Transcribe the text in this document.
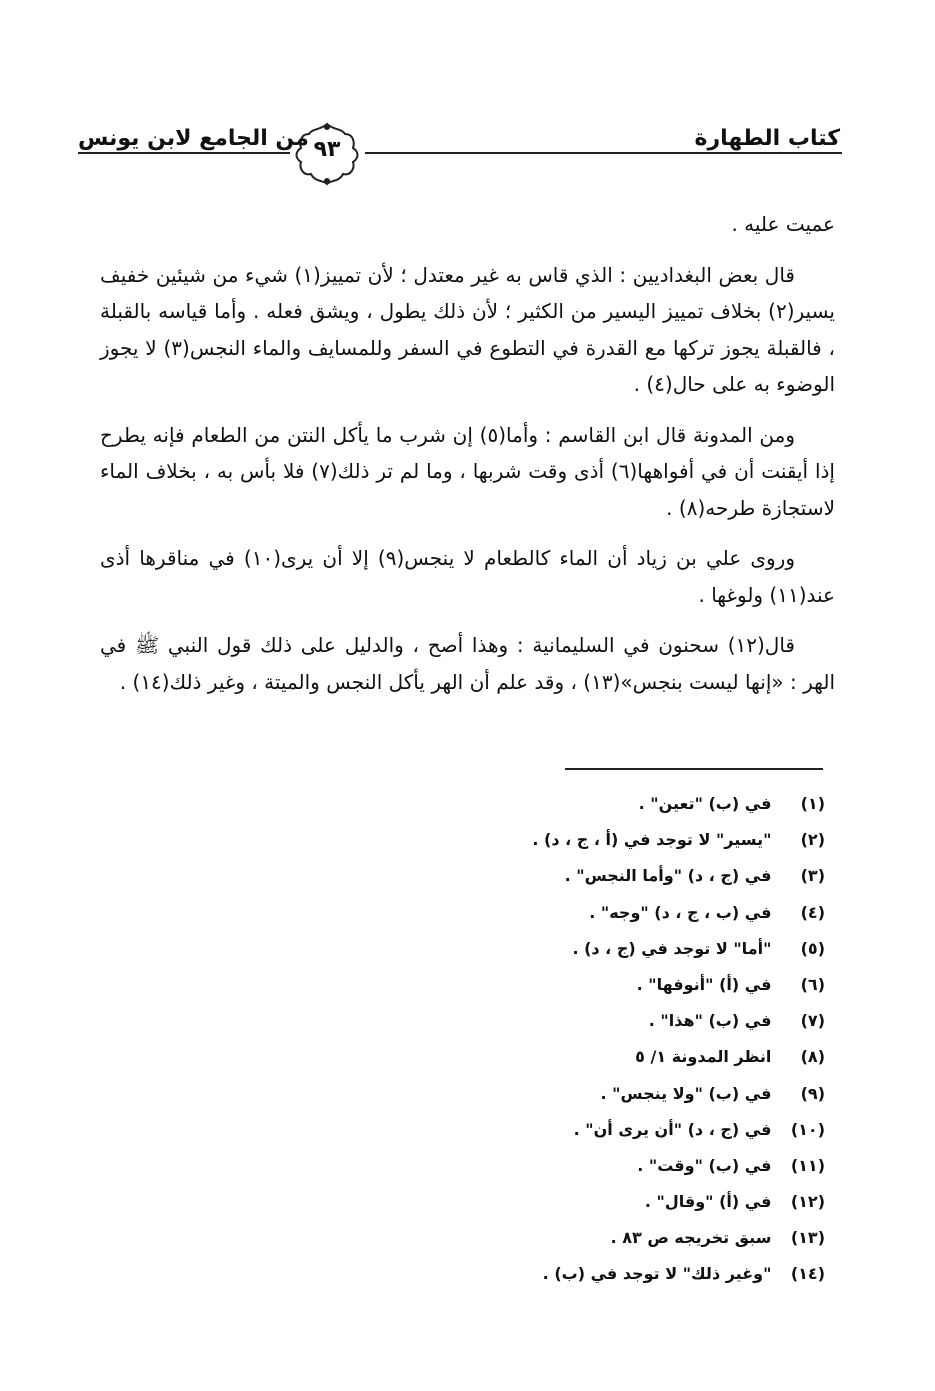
كتاب الطهارة
٩٣
من الجامع لابن يونس

عميت عليه .

قال بعض البغداديين : الذي قاس به غير معتدل ؛ لأن تمييز(١) شيء من شيئين خفيف يسير(٢) بخلاف تمييز اليسير من الكثير ؛ لأن ذلك يطول ، ويشق فعله . وأما قياسه بالقبلة ، فالقبلة يجوز تركها مع القدرة في التطوع في السفر وللمسايف والماء النجس(٣) لا يجوز الوضوء به على حال(٤) .

ومن المدونة قال ابن القاسم : وأما(٥) إن شرب ما يأكل النتن من الطعام فإنه يطرح إذا أيقنت أن في أفواهها(٦) أذى وقت شربها ، وما لم تر ذلك(٧) فلا بأس به ، بخلاف الماء لاستجازة طرحه(٨) .

وروى علي بن زياد أن الماء كالطعام لا ينجس(٩) إلا أن يرى(١٠) في مناقرها أذى عند(١١) ولوغها .

قال(١٢) سحنون في السليمانية : وهذا أصح ، والدليل على ذلك قول النبي ﷺ في الهر : «إنها ليست بنجس»(١٣) ، وقد علم أن الهر يأكل النجس والميتة ، وغير ذلك(١٤) .

(١) في (ب) "تعين" .
(٢) "يسير" لا توجد في (أ ، ج ، د) .
(٣) في (ج ، د) "وأما النجس" .
(٤) في (ب ، ج ، د) "وجه" .
(٥) "أما" لا توجد في (ج ، د) .
(٦) في (أ) "أنوفها" .
(٧) في (ب) "هذا" .
(٨) انظر المدونة ١/ ٥
(٩) في (ب) "ولا ينجس" .
(١٠) في (ج ، د) "أن يرى أن" .
(١١) في (ب) "وقت" .
(١٢) في (أ) "وقال" .
(١٣) سبق تخريجه ص ٨٣ .
(١٤) "وغير ذلك" لا توجد في (ب) .
